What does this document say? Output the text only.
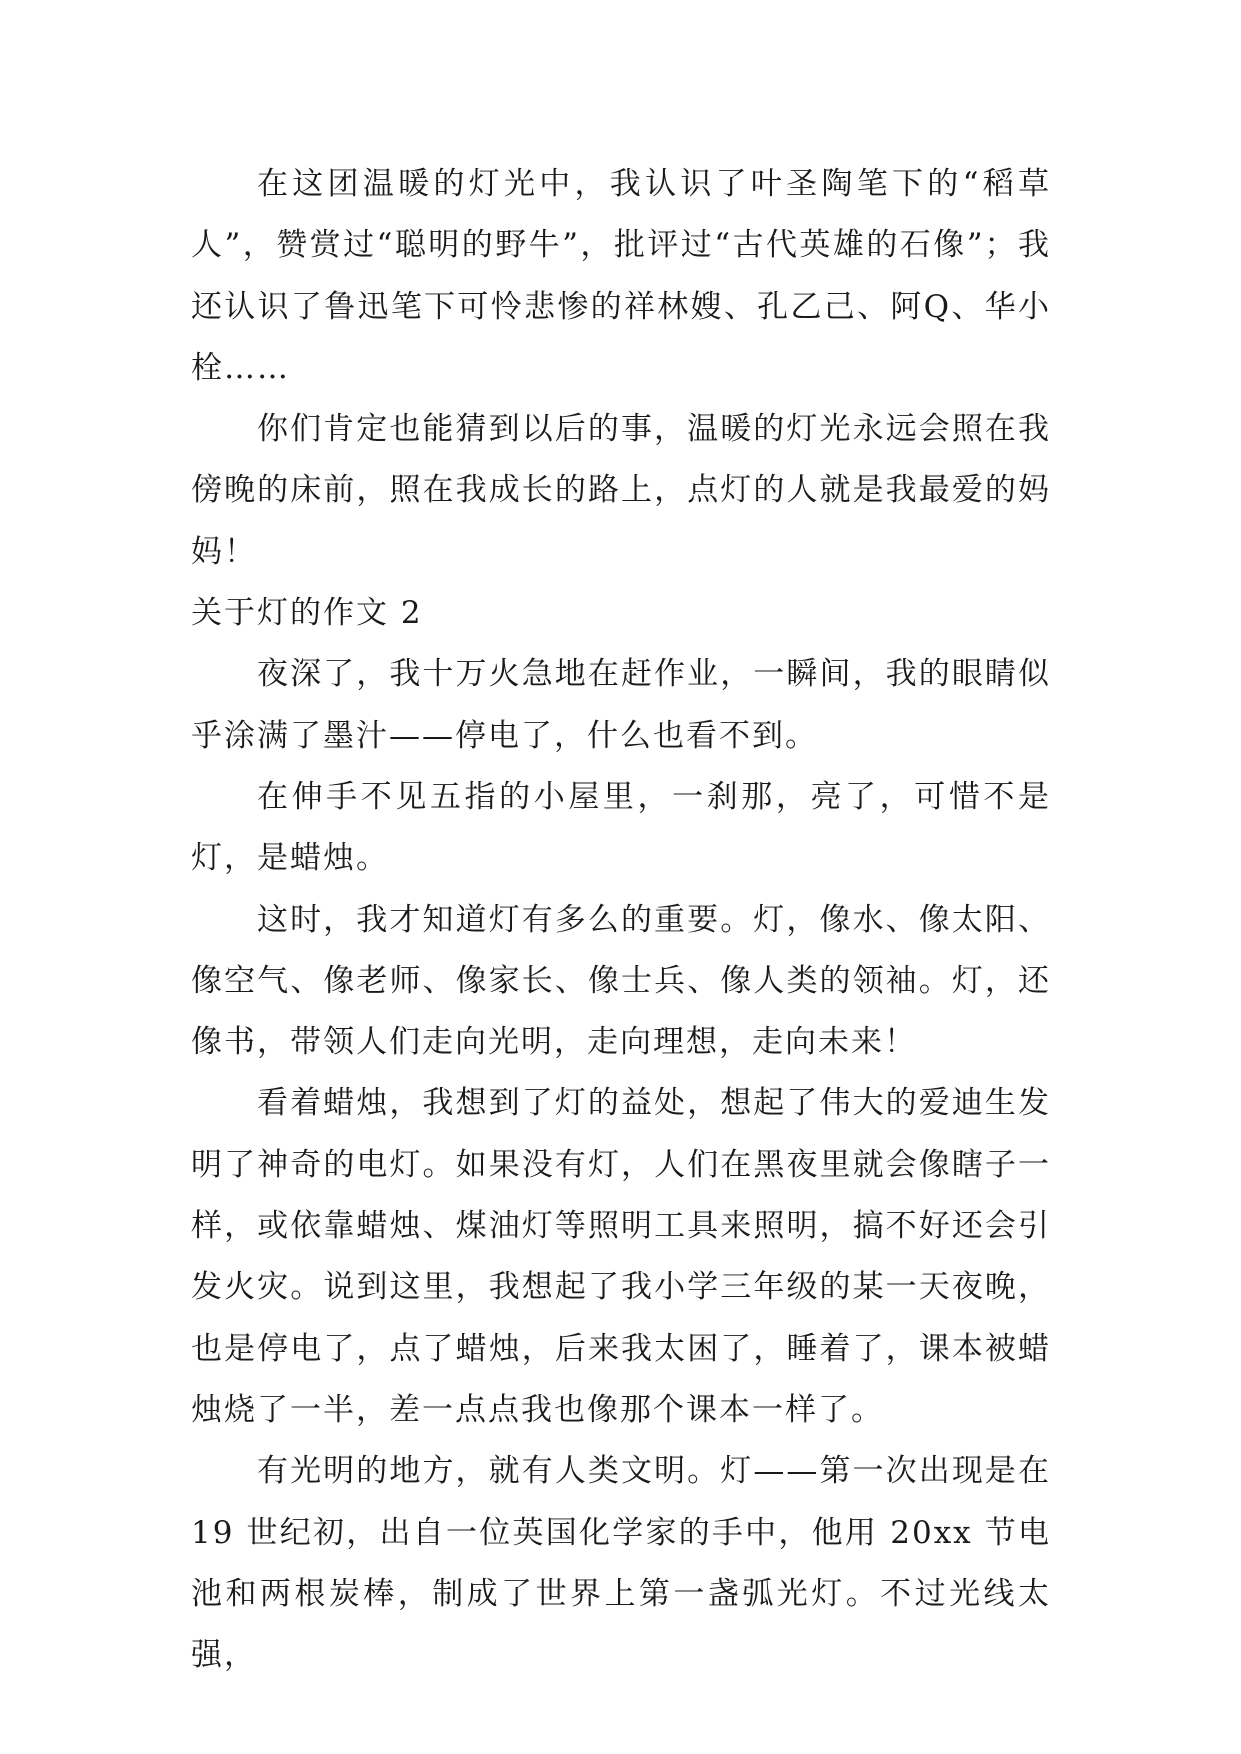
在这团温暖的灯光中，我认识了叶圣陶笔下的“稻草人”，赞赏过“聪明的野牛”，批评过“古代英雄的石像”；我还认识了鲁迅笔下可怜悲惨的祥林嫂、孔乙己、阿Q、华小栓……

你们肯定也能猜到以后的事，温暖的灯光永远会照在我傍晚的床前，照在我成长的路上，点灯的人就是我最爱的妈妈！

关于灯的作文 2

夜深了，我十万火急地在赶作业，一瞬间，我的眼睛似乎涂满了墨汁——停电了，什么也看不到。

在伸手不见五指的小屋里，一刹那，亮了，可惜不是灯，是蜡烛。

这时，我才知道灯有多么的重要。灯，像水、像太阳、像空气、像老师、像家长、像士兵、像人类的领袖。灯，还像书，带领人们走向光明，走向理想，走向未来！

看着蜡烛，我想到了灯的益处，想起了伟大的爱迪生发明了神奇的电灯。如果没有灯，人们在黑夜里就会像瞎子一样，或依靠蜡烛、煤油灯等照明工具来照明，搞不好还会引发火灾。说到这里，我想起了我小学三年级的某一天夜晚，也是停电了，点了蜡烛，后来我太困了，睡着了，课本被蜡烛烧了一半，差一点点我也像那个课本一样了。

有光明的地方，就有人类文明。灯——第一次出现是在19 世纪初，出自一位英国化学家的手中，他用 20xx 节电池和两根炭棒，制成了世界上第一盏弧光灯。不过光线太强，
